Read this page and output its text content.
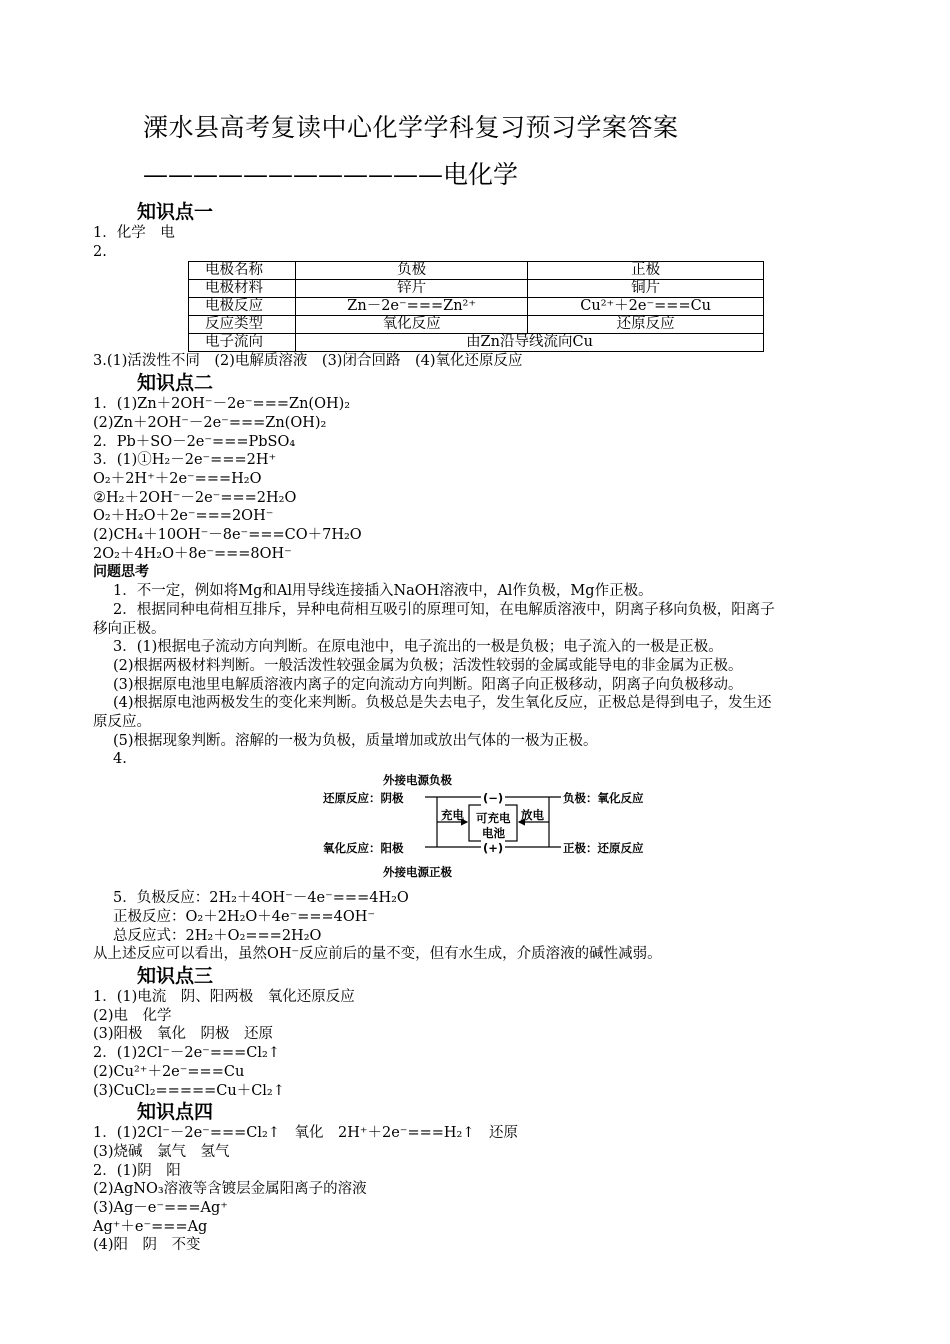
溧水县高考复读中心化学学科复习预习学案答案
————————————电化学
知识点一
1．化学　电
2.
电极名称	负极	正极
电极材料	锌片	铜片
电极反应	Zn－2e⁻===Zn²⁺	Cu²⁺＋2e⁻===Cu
反应类型	氧化反应	还原反应
电子流向	由Zn沿导线流向Cu	
3.(1)活泼性不同　(2)电解质溶液　(3)闭合回路　(4)氧化还原反应
知识点二
1．(1)Zn＋2OH⁻－2e⁻===Zn(OH)₂
(2)Zn＋2OH⁻－2e⁻===Zn(OH)₂
2．Pb＋SO－2e⁻===PbSO₄
3．(1)①H₂－2e⁻===2H⁺
O₂＋2H⁺＋2e⁻===H₂O
②H₂＋2OH⁻－2e⁻===2H₂O
O₂＋H₂O＋2e⁻===2OH⁻
(2)CH₄＋10OH⁻－8e⁻===CO＋7H₂O
2O₂＋4H₂O＋8e⁻===8OH⁻
问题思考
1．不一定，例如将Mg和Al用导线连接插入NaOH溶液中，Al作负极，Mg作正极。
2．根据同种电荷相互排斥，异种电荷相互吸引的原理可知，在电解质溶液中，阴离子移向负极，阳离子
移向正极。
3．(1)根据电子流动方向判断。在原电池中，电子流出的一极是负极；电子流入的一极是正极。
(2)根据两极材料判断。一般活泼性较强金属为负极；活泼性较弱的金属或能导电的非金属为正极。
(3)根据原电池里电解质溶液内离子的定向流动方向判断。阳离子向正极移动，阴离子向负极移动。
(4)根据原电池两极发生的变化来判断。负极总是失去电子，发生氧化反应，正极总是得到电子，发生还
原反应。
(5)根据现象判断。溶解的一极为负极，质量增加或放出气体的一极为正极。
4.
外接电源负极
还原反应：阴极
氧化反应：阳极
负极：氧化反应
正极：还原反应
(−)
(+)
充电	放电
可充电
电池
外接电源正极
5．负极反应：2H₂＋4OH⁻－4e⁻===4H₂O
正极反应：O₂＋2H₂O＋4e⁻===4OH⁻
总反应式：2H₂＋O₂===2H₂O
从上述反应可以看出，虽然OH⁻反应前后的量不变，但有水生成，介质溶液的碱性减弱。
知识点三
1．(1)电流　阴、阳两极　氧化还原反应
(2)电　化学
(3)阳极　氧化　阴极　还原
2．(1)2Cl⁻－2e⁻===Cl₂↑
(2)Cu²⁺＋2e⁻===Cu
(3)CuCl₂=====Cu＋Cl₂↑
知识点四
1．(1)2Cl⁻－2e⁻===Cl₂↑　氧化　2H⁺＋2e⁻===H₂↑　还原
(3)烧碱　氯气　氢气
2．(1)阴　阳
(2)AgNO₃溶液等含镀层金属阳离子的溶液
(3)Ag－e⁻===Ag⁺
Ag⁺＋e⁻===Ag
(4)阳　阴　不变
